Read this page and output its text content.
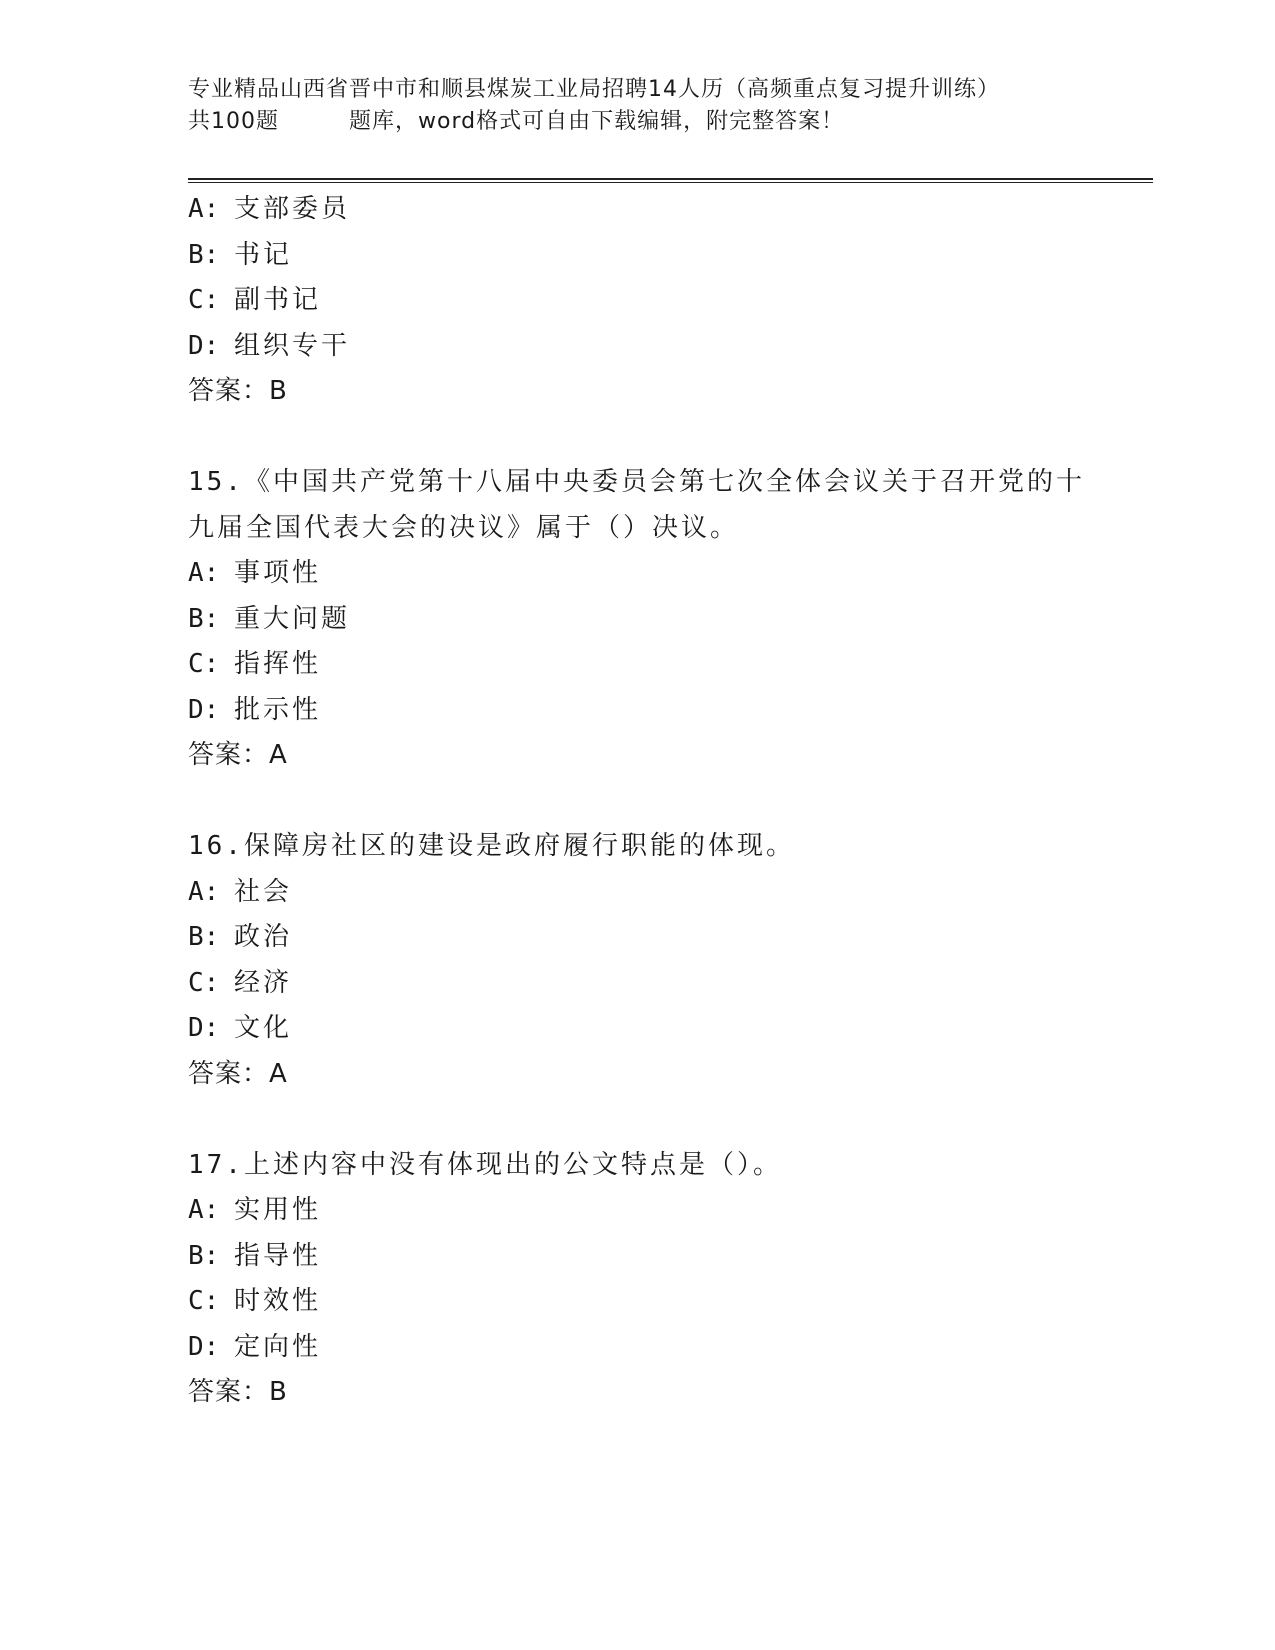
专业精品山西省晋中市和顺县煤炭工业局招聘14人历（高频重点复习提升训练）
共100题	题库，word格式可自由下载编辑，附完整答案！
A: 支部委员
B: 书记
C: 副书记
D: 组织专干
答案：B
15.《中国共产党第十八届中央委员会第七次全体会议关于召开党的十
九届全国代表大会的决议》属于（）决议。
A: 事项性
B: 重大问题
C: 指挥性
D: 批示性
答案：A
16.保障房社区的建设是政府履行职能的体现。
A: 社会
B: 政治
C: 经济
D: 文化
答案：A
17.上述内容中没有体现出的公文特点是（）。
A: 实用性
B: 指导性
C: 时效性
D: 定向性
答案：B
